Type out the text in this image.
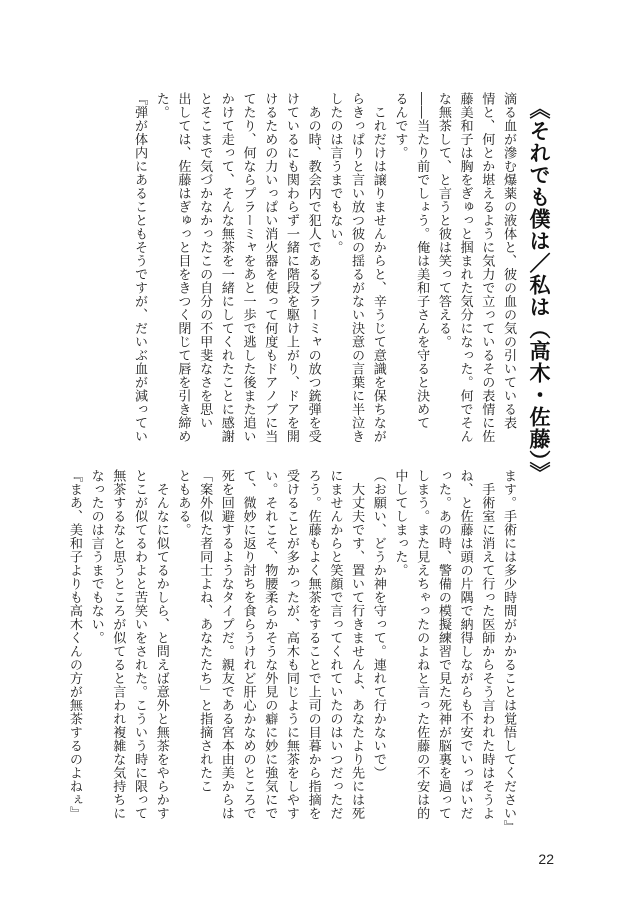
《それでも僕は／私は（高木・佐藤）》

滴る血が滲む爆薬の液体と、彼の血の気の引いている表

情と、何とか堪えるように気力で立っているその表情に佐

藤美和子は胸をぎゅっと掴まれた気分になった。何でそん

な無茶して、と言うと彼は笑って答える。

――当たり前でしょう。俺は美和子さんを守ると決めて

るんです。

　これだけは譲りませんからと、辛うじて意識を保ちなが

らきっぱりと言い放つ彼の揺るがない決意の言葉に半泣き

したのは言うまでもない。

　あの時、教会内で犯人であるプラーミャの放つ銃弾を受

けているにも関わらず一緒に階段を駆け上がり、ドアを開

けるための力いっぱい消火器を使って何度もドアノブに当

てたり、何ならプラーミャをあと一歩で逃した後また追い

かけて走って、そんな無茶を一緒にしてくれたことに感謝

とそこまで気づかなかったこの自分の不甲斐なさを思い

出しては、佐藤はぎゅっと目をきつく閉じて唇を引き締め

た。

『弾が体内にあることもそうですが、だいぶ血が減ってい

ます。手術には多少時間がかかることは覚悟してください』

　手術室に消えて行った医師からそう言われた時はそうよ

ね、と佐藤は頭の片隅で納得しながらも不安でいっぱいだ

った。あの時、警備の模擬練習で見た死神が脳裏を過って

しまう。また見えちゃったのよねと言った佐藤の不安は的

中してしまった。

（お願い、どうか神を守って。連れて行かないで）

　大丈夫です、置いて行きませんよ、あなたより先には死

にませんからと笑顔で言ってくれていたのはいつだっただ

ろう。佐藤もよく無茶をすることで上司の目暮から指摘を

受けることが多かったが、高木も同じように無茶をしやす

い。それこそ、物腰柔らかそうな外見の癖に妙に強気にで

て、微妙に返り討ちを食らうけれど肝心かなめのところで

死を回避するようなタイプだ。親友である宮本由美からは

「案外似た者同士よね、あなたたち」と指摘されたこ

ともある。

　そんなに似てるかしら、と問えば意外と無茶をやらかす

とこが似てるわよと苦笑いをされた。こういう時に限って

無茶するなと思うところが似てると言われ複雑な気持ちに

なったのは言うまでもない。

『まあ、美和子よりも高木くんの方が無茶するのよねぇ』

22
